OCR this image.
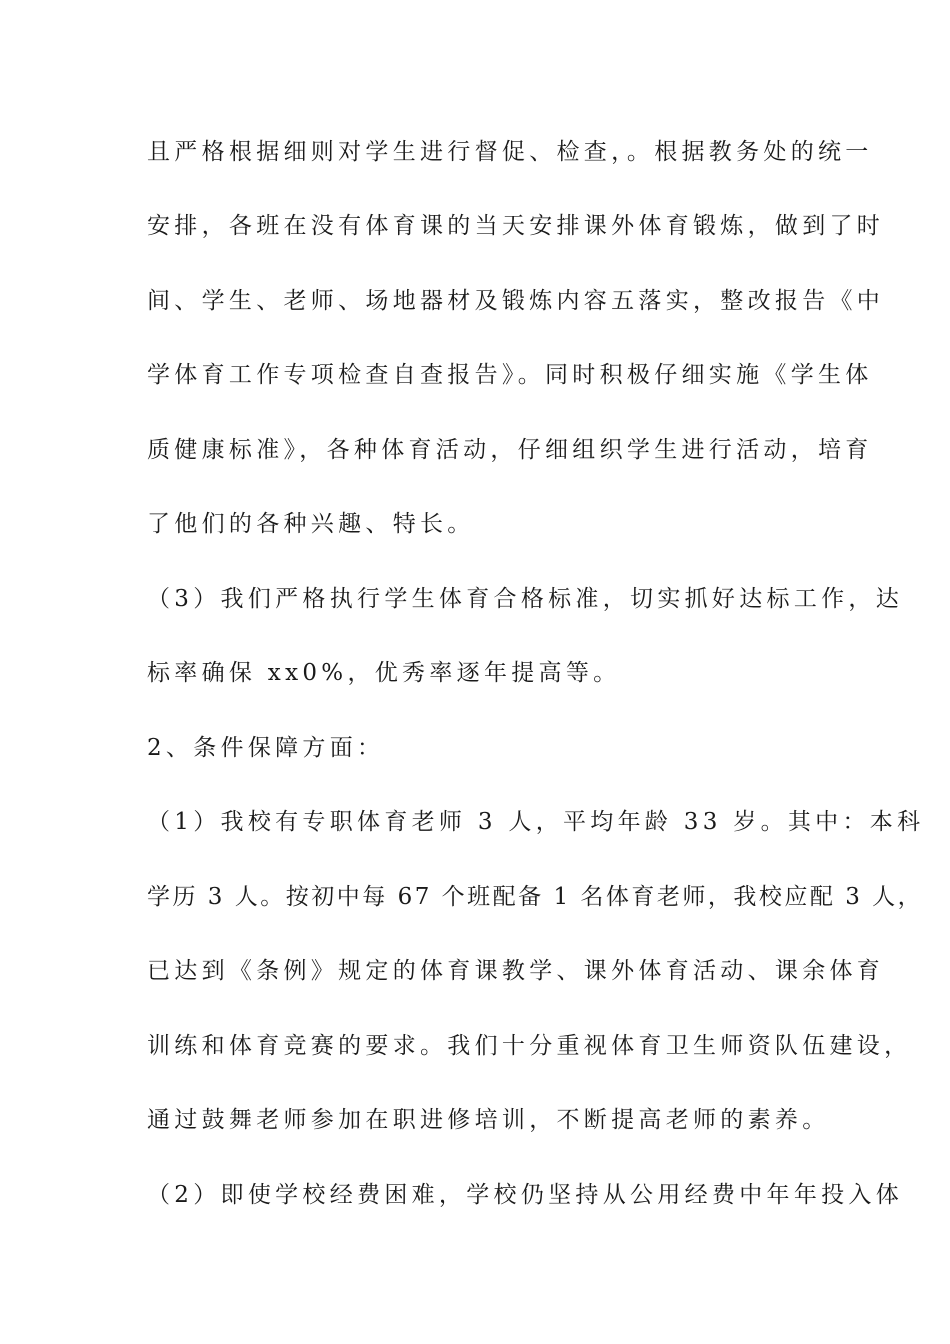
且严格根据细则对学生进行督促、检查，。根据教务处的统一
安排，各班在没有体育课的当天安排课外体育锻炼，做到了时
间、学生、老师、场地器材及锻炼内容五落实，整改报告《中
学体育工作专项检查自查报告》。同时积极仔细实施《学生体
质健康标准》，各种体育活动，仔细组织学生进行活动，培育
了他们的各种兴趣、特长。
（3）我们严格执行学生体育合格标准，切实抓好达标工作，达
标率确保 xx0%，优秀率逐年提高等。
2、条件保障方面：
（1）我校有专职体育老师 3 人，平均年龄 33 岁。其中：本科
学历 3 人。按初中每 67 个班配备 1 名体育老师，我校应配 3 人，
已达到《条例》规定的体育课教学、课外体育活动、课余体育
训练和体育竞赛的要求。我们十分重视体育卫生师资队伍建设，
通过鼓舞老师参加在职进修培训，不断提高老师的素养。
（2）即使学校经费困难，学校仍坚持从公用经费中年年投入体
